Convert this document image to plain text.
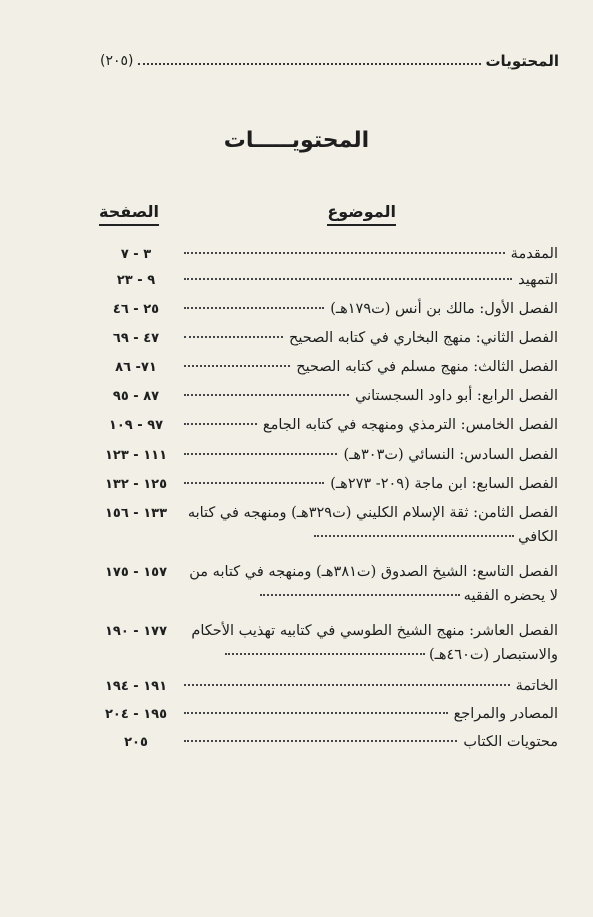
المحتويات
(٢٠٥)
المحتويـــــات
الموضوع
الصفحة
المقدمة
٣ - ٧
التمهيد
٩ - ٢٣
الفصل الأول: مالك بن أنس (ت١٧٩هـ)
٢٥ - ٤٦
الفصل الثاني: منهج البخاري في كتابه الصحيح
٤٧ - ٦٩
الفصل الثالث: منهج مسلم في كتابه الصحيح
٧١- ٨٦
الفصل الرابع: أبو داود السجستاني
٨٧ - ٩٥
الفصل الخامس: الترمذي ومنهجه في كتابه الجامع
٩٧ - ١٠٩
الفصل السادس: النسائي (ت٣٠٣هـ)
١١١ - ١٢٣
الفصل السابع: ابن ماجة (٢٠٩- ٢٧٣هـ)
١٢٥ - ١٣٢
الفصل الثامن: ثقة الإسلام الكليني (ت٣٢٩هـ) ومنهجه في كتابه
١٣٣ - ١٥٦
الكافي
الفصل التاسع: الشيخ الصدوق (ت٣٨١هـ) ومنهجه في كتابه من
١٥٧ - ١٧٥
لا يحضره الفقيه
الفصل العاشر: منهج الشيخ الطوسي في كتابيه تهذيب الأحكام
١٧٧ - ١٩٠
والاستبصار (ت٤٦٠هـ)
الخاتمة
١٩١ - ١٩٤
المصادر والمراجع
١٩٥ - ٢٠٤
محتويات الكتاب
٢٠٥
